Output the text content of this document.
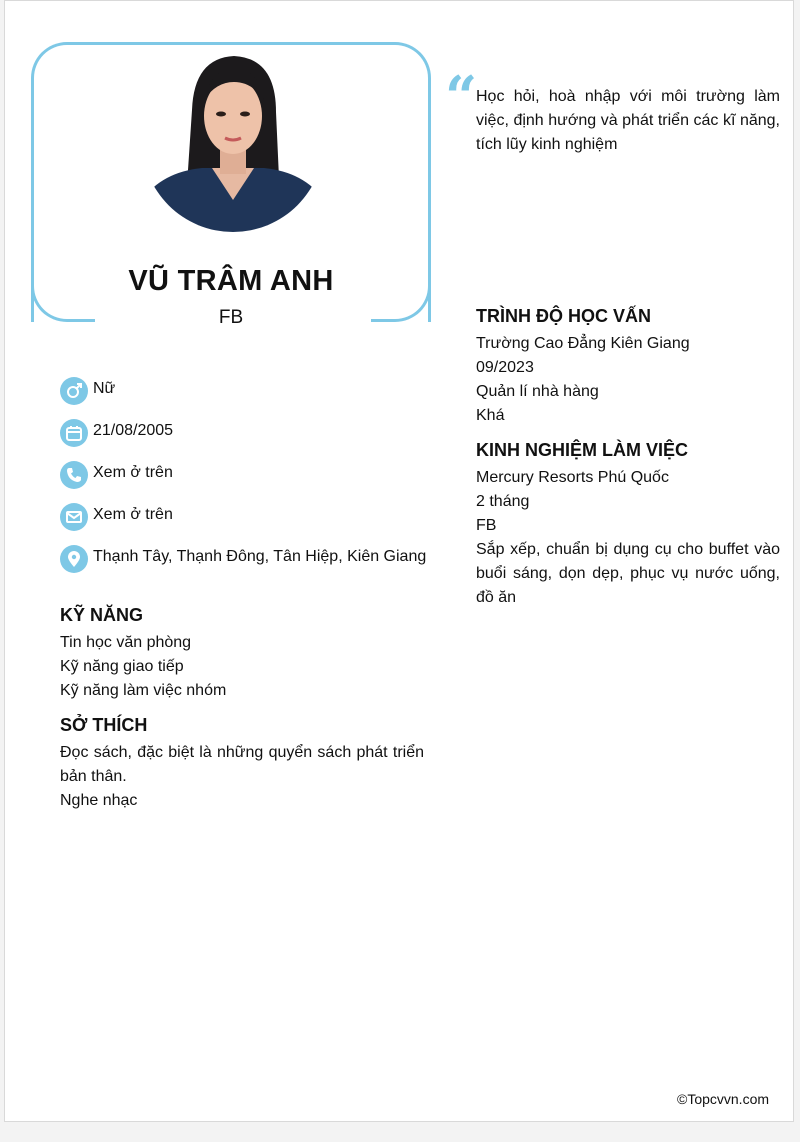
VŨ TRÂM ANH
FB
“
Học hỏi, hoà nhập với môi trường làm việc, định hướng và phát triển các kĩ năng, tích lũy kinh nghiệm
Nữ
21/08/2005
Xem ở trên
Xem ở trên
Thạnh Tây, Thạnh Đông, Tân Hiệp, Kiên Giang

KỸ NĂNG

Tin học văn phòng

Kỹ năng giao tiếp

Kỹ năng làm việc nhóm

SỞ THÍCH

Đọc sách, đặc biệt là những quyển sách phát triển bản thân.

Nghe nhạc

TRÌNH ĐỘ HỌC VẤN

Trường Cao Đẳng Kiên Giang

09/2023

Quản lí nhà hàng

Khá

KINH NGHIỆM LÀM VIỆC

Mercury Resorts Phú Quốc

2 tháng

FB

Sắp xếp, chuẩn bị dụng cụ cho buffet vào buổi sáng, dọn dẹp, phục vụ nước uống, đồ ăn

©Topcvvn.com
